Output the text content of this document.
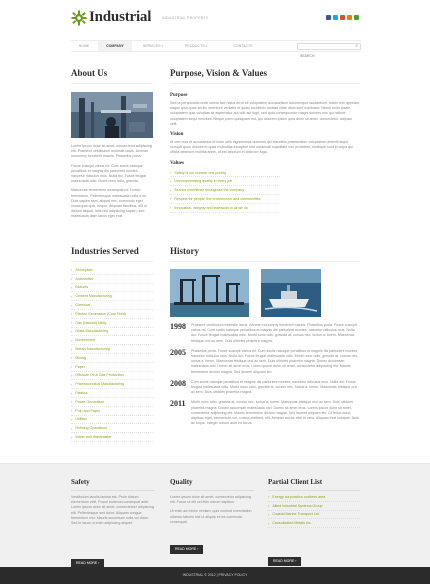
Industrial	INDUSTRIAL PROPERTY
HOME	COMPANY	SERVICES ▾	PRODUCTS ▾	CONTACTS
SEARCH	⌕
About Us

Lorem ipsum dolor sit amet, consectetur adipiscing elit. Praesent vestibulum molestie lacus. Aenean nonummy hendrerit mauris. Phasellus porta.

Fusce suscipit varius mi. Cum sociis natoque penatibus et magnis dis parturient montes, nascetur ridiculus mus. Nulla dui. Fusce feugiat malesuada odio. Morbi nunc odio, gravida.

Maecenas fermentum consequat mi. Donec fermentum. Pellentesque malesuada nulla a mi. Duis sapien sem, aliquet nec, commodo eget, consequat quis, neque. Aliquam faucibus, elit ut dictum aliquet, felis nisl adipiscing sapien, sed malesuada diam lacus eget erat.

Purpose, Vision & Values
Purpose

Sed ut perspiciatis unde omnis iste natus error sit voluptatem accusantium doloremque laudantium, totam rem aperiam, eaque ipsa quae ab illo inventore veritatis et quasi architecto beatae vitae dicta sunt explicabo. Nemo enim ipsam voluptatem quia voluptas sit aspernatur aut odit aut fugit, sed quia consequuntur magni dolores eos qui ratione voluptatem sequi nesciunt. Neque porro quisquam est, qui dolorem ipsum quia dolor sit amet, consectetur, adipisci velit.

Vision

At vero eos et accusamus et iusto odio dignissimos ducimus qui blanditiis praesentium voluptatum deleniti atque corrupti quos dolores et quas molestias excepturi sint occaecati cupiditate non provident, similique sunt in culpa qui officia deserunt mollitia animi, id est laborum et dolorum fuga.

Values
› Safety is our number one priority
› Uncompromising quality in every job
› Service excellence throughout the company
› Respect for people, the environment and communities
› Innovation, integrity and teamwork in all we do
Industries Served
› Aerospace
› Automotive
› Biofuels
› Cement Manufacturing
› Chemical
› Electric Generation (Coal-Fired)
› Gas (Natural) Utility
› Glass Manufacturing
› Government
› Metals Manufacturing
› Mining
› Paper
› Offshore Oil & Gas Production
› Pharmaceutical Manufacturing
› Plastics
› Power Generation
› Pulp and Paper
› Utilities
› Refining Operations
› Water and Wastewater
History
1998 Praesent vestibulum molestie lacus. Aenean nonummy hendrerit mauris. Phasellus porta. Fusce suscipit varius mi. Cum sociis natoque penatibus et magnis dis parturient montes, nascetur ridiculus mus. Nulla dui. Fusce feugiat malesuada odio. Morbi nunc odio, gravida at, cursus nec, luctus a, lorem. Maecenas tristique orci ac sem. Duis ultricies pharetra magna.

2005 Phasellus porta. Fusce suscipit varius mi. Cum sociis natoque penatibus et magnis dis parturient montes, nascetur ridiculus mus. Nulla dui. Fusce feugiat malesuada odio. Morbi nunc odio, gravida at, cursus nec, luctus a, lorem. Maecenas tristique orci ac sem. Duis ultricies pharetra magna. Donec accumsan malesuada orci. Donec sit amet eros. Lorem ipsum dolor sit amet, consectetur adipiscing elit. Mauris fermentum dictum magna. Sed laoreet aliquam leo.

2008 Cum sociis natoque penatibus et magnis dis parturient montes, nascetur ridiculus mus. Nulla dui. Fusce feugiat malesuada odio. Morbi nunc odio, gravida at, cursus nec, luctus a, lorem. Maecenas tristique orci ac sem. Duis ultricies pharetra magna.

2011 Morbi nunc odio, gravida at, cursus nec, luctus a, lorem. Maecenas tristique orci ac sem. Duis ultricies pharetra magna. Donec accumsan malesuada orci. Donec sit amet eros. Lorem ipsum dolor sit amet, consectetur adipiscing elit. Mauris fermentum dictum magna. Sed laoreet aliquam leo. Ut tellus dolor, dapibus eget, elementum vel, cursus eleifend, elit. Aenean auctor wisi et urna. Aliquam erat volutpat. Duis ac turpis. Integer rutrum ante eu lacus.

Safety

Vestibulum iaculis lacinia est. Proin dictum elementum velit. Fusce euismod consequat ante. Lorem ipsum dolor sit amet, consectetuer adipiscing elit. Pellentesque sed dolor. Aliquam congue fermentum nisl. Mauris accumsan nulla vel diam. Sed in lacus ut enim adipiscing aliquet.

READ MORE ›
Quality

Lorem ipsum dolor sit amet, consectetur adipiscing elit. Fusce ut elit vel felis rutrum dapibus.

Ut enim ad minim veniam, quis nostrud exercitation ullamco laboris nisi ut aliquip ex ea commodo consequat.

READ MORE ›
Partial Client List
› Energy corporation northern area
› Allied Industrial Systems Group
› Coastal Marine Transport Ltd.
› Consolidated Metals Inc.
READ MORE ›
INDUSTRIAL © 2012 | PRIVACY POLICY
